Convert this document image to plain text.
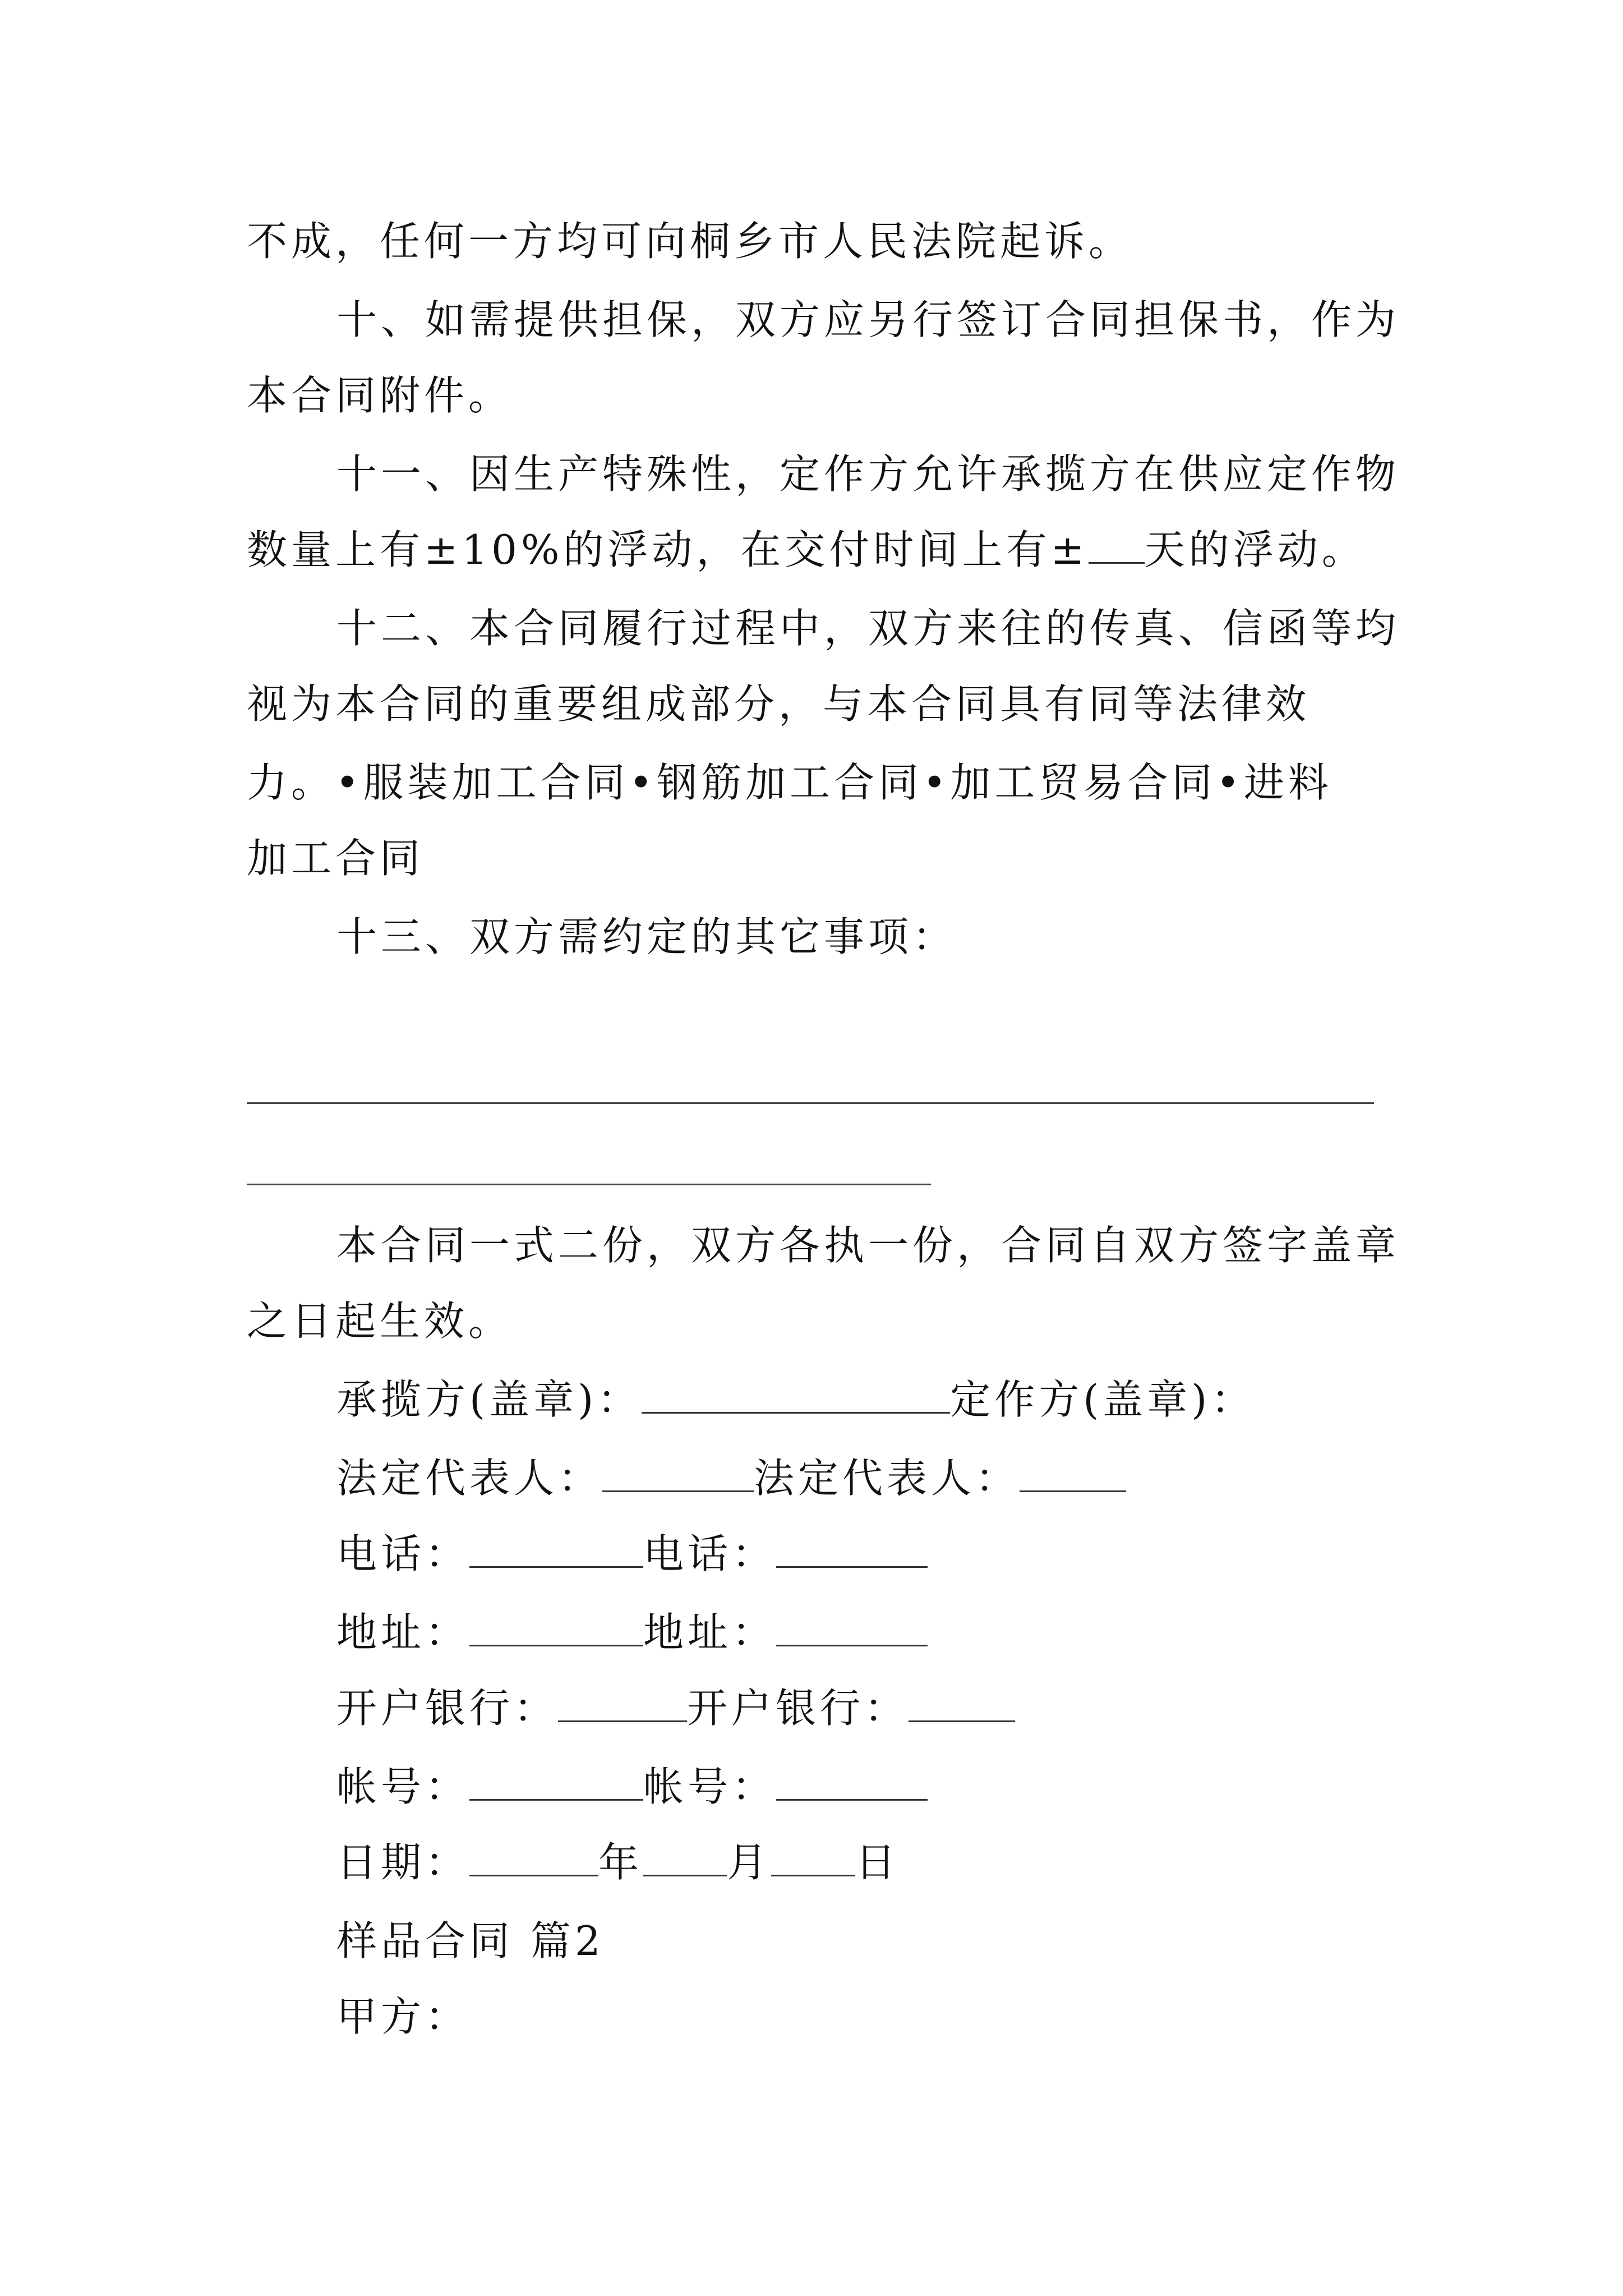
不成，任何一方均可向桐乡市人民法院起诉。
十、如需提供担保，双方应另行签订合同担保书，作为
本合同附件。
十一、因生产特殊性，定作方允许承揽方在供应定作物
数量上有±10%的浮动，在交付时间上有± 天的浮动。
十二、本合同履行过程中，双方来往的传真、信函等均
视为本合同的重要组成部分，与本合同具有同等法律效
力。•服装加工合同•钢筋加工合同•加工贸易合同•进料
加工合同
十三、双方需约定的其它事项：
本合同一式二份，双方各执一份，合同自双方签字盖章
之日起生效。
承揽方(盖章)：	定作方(盖章)：
法定代表人：	法定代表人：
电话：	电话：
地址：	地址：
开户银行：	开户银行：
帐号：	帐号：
日期：	年 月 日
样品合同 篇2
甲方：
